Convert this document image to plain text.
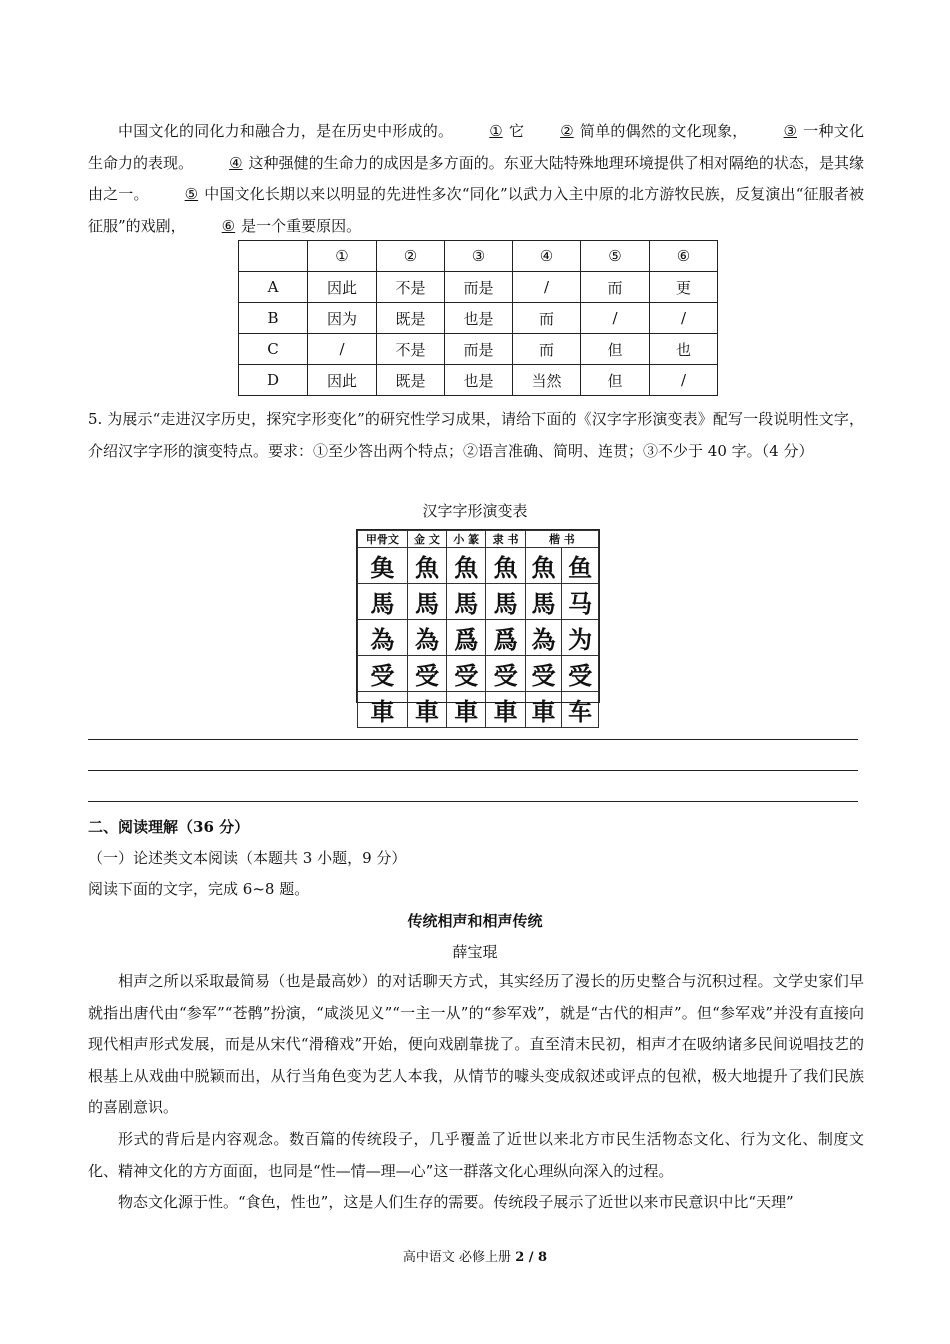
中国文化的同化力和融合力，是在历史中形成的。 ① 它 ② 简单的偶然的文化现象， ③ 一种文化生命力的表现。 ④ 这种强健的生命力的成因是多方面的。东亚大陆特殊地理环境提供了相对隔绝的状态，是其缘由之一。 ⑤ 中国文化长期以来以明显的先进性多次“同化”以武力入主中原的北方游牧民族，反复演出“征服者被征服”的戏剧， ⑥ 是一个重要原因。
	①	②	③	④	⑤	⑥
A	因此	不是	而是	/	而	更
B	因为	既是	也是	而	/	/
C	/	不是	而是	而	但	也
D	因此	既是	也是	当然	但	/
5. 为展示“走进汉字历史，探究字形变化”的研究性学习成果，请给下面的《汉字字形演变表》配写一段说明性文字，介绍汉字字形的演变特点。要求：①至少答出两个特点；②语言准确、简明、连贯；③不少于 40 字。（4 分）
汉字字形演变表
甲骨文	金 文	小 篆	隶 书	楷 书	
𩵋	魚	魚	魚	魚	鱼
馬	馬	馬	馬	馬	马
為	為	爲	爲	為	为
受	受	受	受	受	受
車	車	車	車	車	车
二、阅读理解（36 分）
（一）论述类文本阅读（本题共 3 小题，9 分）
阅读下面的文字，完成 6~8 题。
传统相声和相声传统
薛宝琨
相声之所以采取最简易（也是最高妙）的对话聊天方式，其实经历了漫长的历史整合与沉积过程。文学史家们早就指出唐代由“参军”“苍鹘”扮演，“咸淡见义”“一主一从”的“参军戏”，就是“古代的相声”。但“参军戏”并没有直接向现代相声形式发展，而是从宋代“滑稽戏”开始，便向戏剧靠拢了。直至清末民初，相声才在吸纳诸多民间说唱技艺的根基上从戏曲中脱颖而出，从行当角色变为艺人本我，从情节的噱头变成叙述或评点的包袱，极大地提升了我们民族的喜剧意识。
形式的背后是内容观念。数百篇的传统段子，几乎覆盖了近世以来北方市民生活物态文化、行为文化、制度文化、精神文化的方方面面，也同是“性—情—理—心”这一群落文化心理纵向深入的过程。
物态文化源于性。“食色，性也”，这是人们生存的需要。传统段子展示了近世以来市民意识中比“天理”
高中语文 必修上册 2 / 8
